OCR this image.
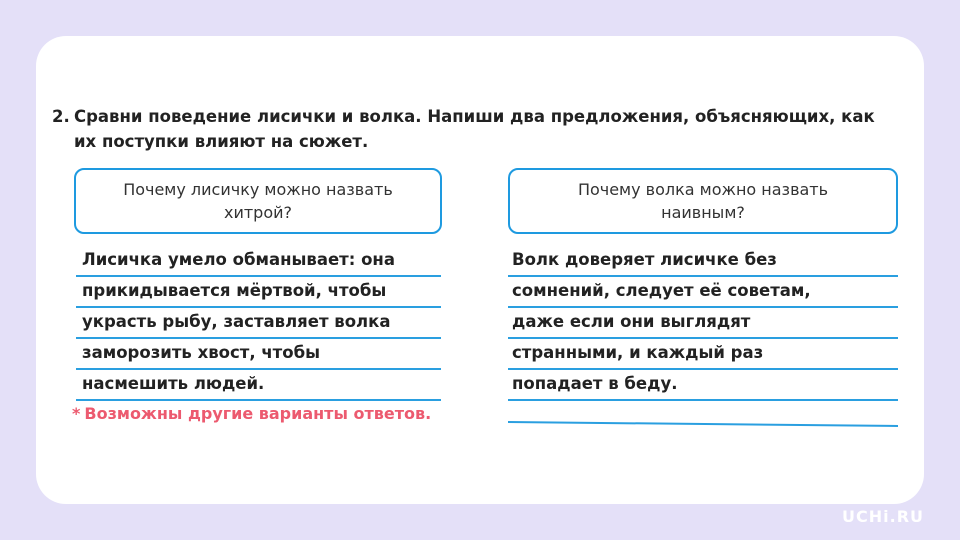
2. Сравни поведение лисички и волка. Напиши два предложения, объясняющих, как их поступки влияют на сюжет.
Почему лисичку можно назвать
хитрой?
Почему волка можно назвать
наивным?
Лисичка умело обманывает: она
прикидывается мёртвой, чтобы
украсть рыбу, заставляет волка
заморозить хвост, чтобы
насмешить людей.
Волк доверяет лисичке без
сомнений, следует её советам,
даже если они выглядят
странными, и каждый раз
попадает в беду.
* Возможны другие варианты ответов.
UCHi.RU
